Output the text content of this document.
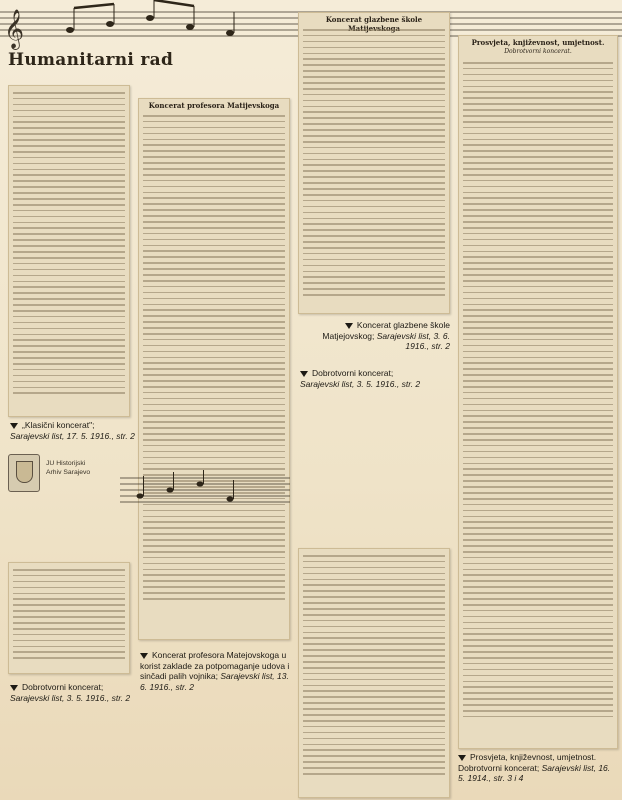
𝄞
Humanitarni rad
Koncerat profesora Matijevskoga
Koncerat glazbene škole
Prosvjeta, književnost, umjetnost.
Dobrotvorni koncerat.
JU Historijski
Arhiv Sarajevo
„Klasični koncerat";
Sarajevski list, 17. 5. 1916., str. 2
Koncerat glazbene škole Matjejovskog; Sarajevski list, 3. 6. 1916., str. 2
Dobrotvorni koncerat;
Sarajevski list, 3. 5. 1916., str. 2
Koncerat profesora Matejovskoga u korist zaklade za potpomaganje udova i sinčadi palih vojnika; Sarajevski list, 13. 6. 1916., str. 2
Dobrotvorni koncerat;
Sarajevski list, 3. 5. 1916., str. 2
Prosvjeta, književnost, umjetnost. Dobrotvorni koncerat; Sarajevski list, 16. 5. 1914., str. 3 i 4
